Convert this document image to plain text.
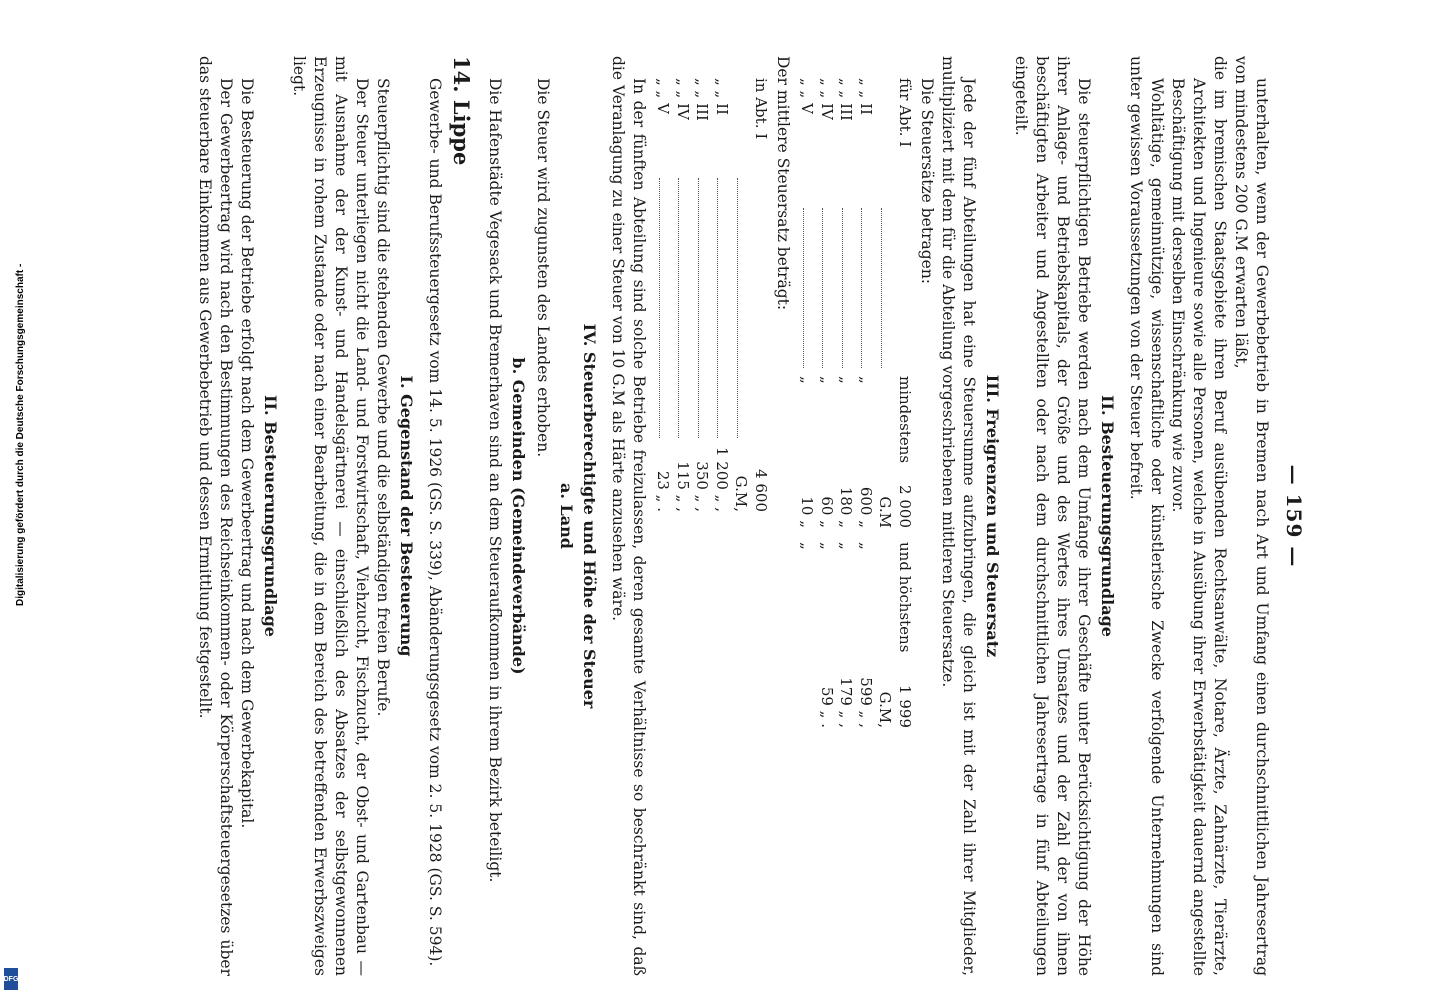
— 159 —

unterhalten, wenn der Gewerbebetrieb in Bremen nach Art und Umfang einen durchschnittlichen Jahresertrag von mindestens 200 G.M erwarten läßt,

die im bremischen Staatsgebiete ihren Beruf ausübenden Rechtsanwälte, Notare, Ärzte, Zahnärzte, Tierärzte, Architekten und Ingenieure sowie alle Personen, welche in Ausübung ihrer Erwerbstätigkeit dauernd angestellte Beschäftigung mit derselben Einschränkung wie zuvor.

Wohltätige, gemeinnützige, wissenschaftliche oder künstlerische Zwecke verfolgende Unternehmungen sind unter gewissen Voraussetzungen von der Steuer befreit.

II. Besteuerungsgrundlage

Die steuerpflichtigen Betriebe werden nach dem Umfange ihrer Geschäfte unter Berücksichtigung der Höhe ihrer Anlage- und Betriebskapitals, der Größe und des Wertes ihres Umsatzes und der Zahl der von ihnen beschäftigten Arbeiter und Angestellten oder nach dem durchschnittlichen Jahresertrage in fünf Abteilungen eingeteilt.

III. Freigrenzen und Steuersatz

Jede der fünf Abteilungen hat eine Steuersumme aufzubringen, die gleich ist mit der Zahl ihrer Mitglieder, multipliziert mit dem für die Abteilung vorgeschriebenen mittleren Steuersatze.

Die Steuersätze betragen:

für Abt. I
mindestens
2 000 G.M
und höchstens
1 999 G.M,
„ „ II
„
600 „
„
599 „ ,
„ „ III
„
180 „
„
179 „ ,
„ „ IV
„
60 „
„
59 „ .
„ „ V
„
10 „
„

Der mittlere Steuersatz beträgt:

in Abt. I
4 600 G.M,
„ „ II
1 200 „ ,
„ „ III
350 „ ,
„ „ IV
115 „ ,
„ „ V
23 „ .

In der fünften Abteilung sind solche Betriebe freizulassen, deren gesamte Verhältnisse so beschränkt sind, daß die Veranlagung zu einer Steuer von 10 G.M als Härte anzusehen wäre.

IV. Steuerberechtigte und Höhe der Steuer
a. Land

Die Steuer wird zugunsten des Landes erhoben.

b. Gemeinden (Gemeindeverbände)

Die Hafenstädte Vegesack und Bremerhaven sind an dem Steueraufkommen in ihrem Bezirk beteiligt.

14. Lippe

Gewerbe- und Berufssteuergesetz vom 14. 5. 1926 (GS. S. 339), Abänderungsgesetz vom 2. 5. 1928 (GS. S. 594).

I. Gegenstand der Besteuerung

Steuerpflichtig sind die stehenden Gewerbe und die selbständigen freien Berufe.

Der Steuer unterliegen nicht die Land- und Forstwirtschaft, Viehzucht, Fischzucht, der Obst- und Gartenbau — mit Ausnahme der der Kunst- und Handelsgärtnerei — einschließlich des Absatzes der selbstgewonnenen Erzeugnisse in rohem Zustande oder nach einer Bearbeitung, die in dem Bereich des betreffenden Erwerbszweiges liegt.

II. Besteuerungsgrundlage

Die Besteuerung der Betriebe erfolgt nach dem Gewerbeertrag und nach dem Gewerbekapital.

Der Gewerbeertrag wird nach den Bestimmungen des Reichseinkommen- oder Körperschaftsteuergesetzes über das steuerbare Einkommen aus Gewerbebetrieb und dessen Ermittlung festgestellt.

Digitalisierung gefördert durch die Deutsche Forschungsgemeinschaft -
DFG
